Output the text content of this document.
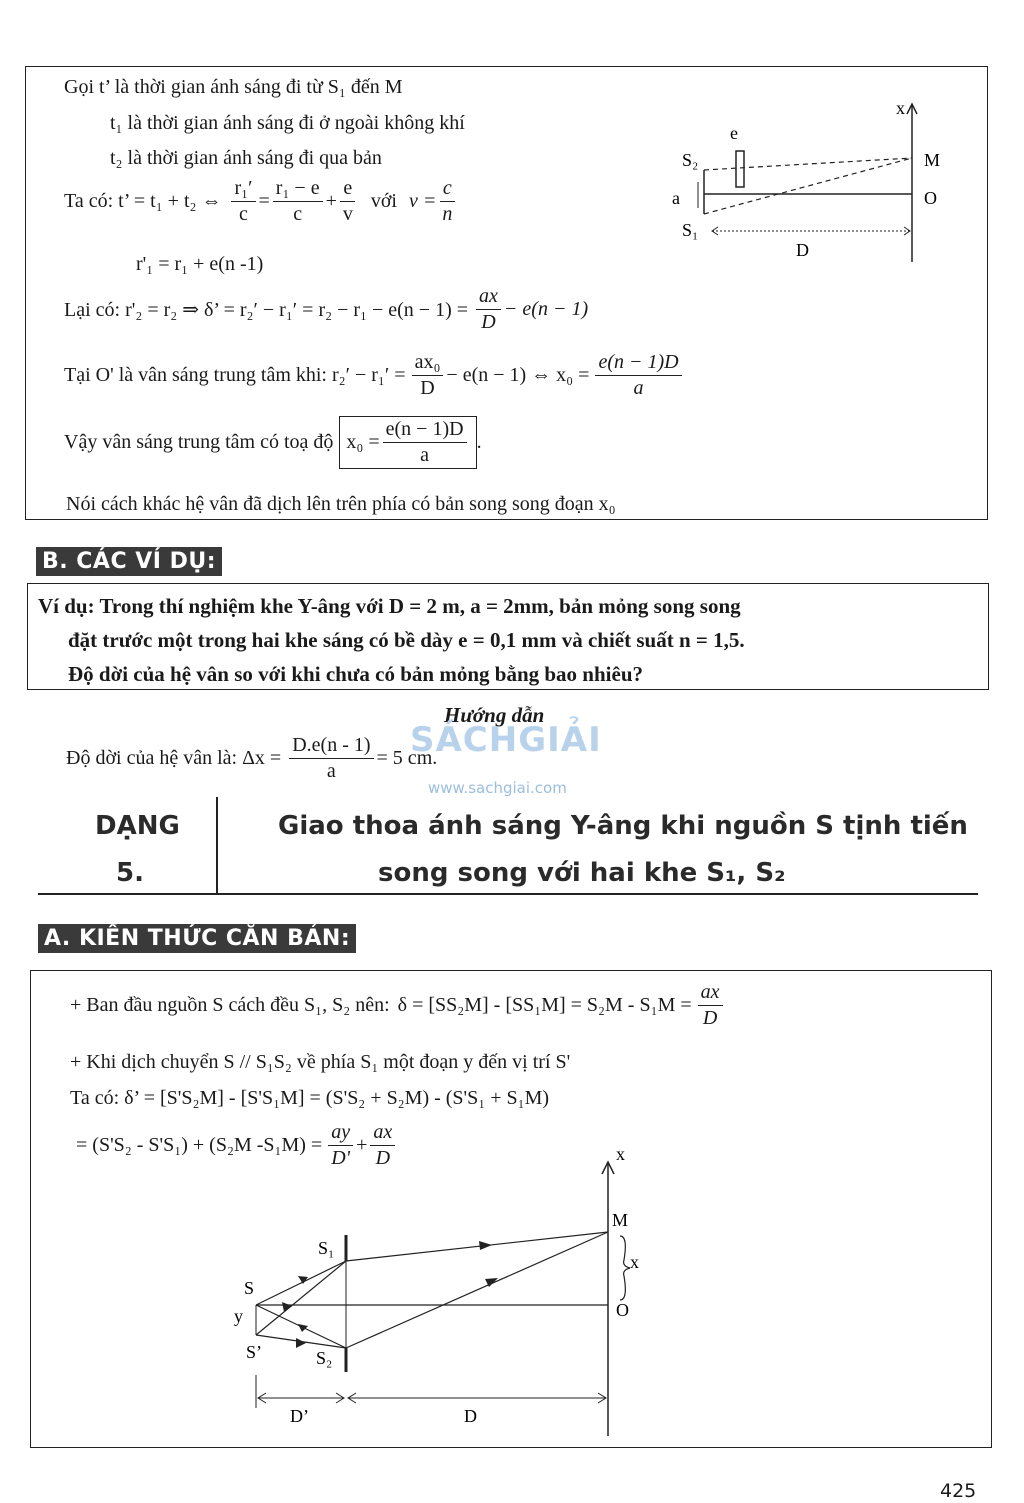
Gọi t’ là thời gian ánh sáng đi từ S₁ đến M
t₁ là thời gian ánh sáng đi ở ngoài không khí
t₂ là thời gian ánh sáng đi qua bản
Ta có: t’ = t₁ + t₂ ⇔ $\frac{\text{r₁′}}{c} = \frac{\text{r₁ − e}}{c} + \frac{e}{v}$ với $v = \frac{c}{n}$
r'₁ = r₁ + e(n -1)
Lại có: r'₂ = r₂ ⇒ δ’ = $r_2' - r_1' = r_2 - r_1 - e(n - 1) = \frac{ax}{D} - e(n - 1)$
Tại O' là vân sáng trung tâm khi: $r_2' - r_1' = \frac{\text{ax₀}}{D} - e(n - 1)$ ⇔ $x_0 = \frac{e(n - 1)D}{a}$
Vậy vân sáng trung tâm có toạ độ $x_0 = \frac{e(n - 1)D}{a}$ .
Nói cách khác hệ vân đã dịch lên trên phía có bản song song đoạn x₀
x
e
S₂	M
a	O
S₁
D
B. CÁC VÍ DỤ:
Ví dụ: Trong thí nghiệm khe Y-âng với D = 2 m, a = 2mm, bản mỏng song song
đặt trước một trong hai khe sáng có bề dày e = 0,1 mm và chiết suất n = 1,5.
Độ dời của hệ vân so với khi chưa có bản mỏng bằng bao nhiêu?
Hướng dẫn
SÁCHGIẢI
www.sachgiai.com
Độ dời của hệ vân là: $\Delta x = \frac{D.e(n - 1)}{a} = 5$ cm.
DẠNG
5.
Giao thoa ánh sáng Y-âng khi nguồn S tịnh tiến
song song với hai khe S₁, S₂
A. KIẾN THỨC CĂN BẢN:
+ Ban đầu nguồn S cách đều S₁, S₂ nên: $\delta = [SS_2M] - [SS_1M] = S_2M - S_1M = \frac{ax}{D}$
+ Khi dịch chuyển S // S₁S₂ về phía S₁ một đoạn y đến vị trí S'
Ta có: δ’ = [S'S₂M] - [S'S₁M] = (S'S₂ + S₂M) - (S'S₁ + S₁M)
= (S'S₂ - S'S₁) + (S₂M $-S_1M) = \frac{ay}{D'} + \frac{ax}{D}$	x
M
x
O
S₁
S₂
S
y
S’
D’	D
425
